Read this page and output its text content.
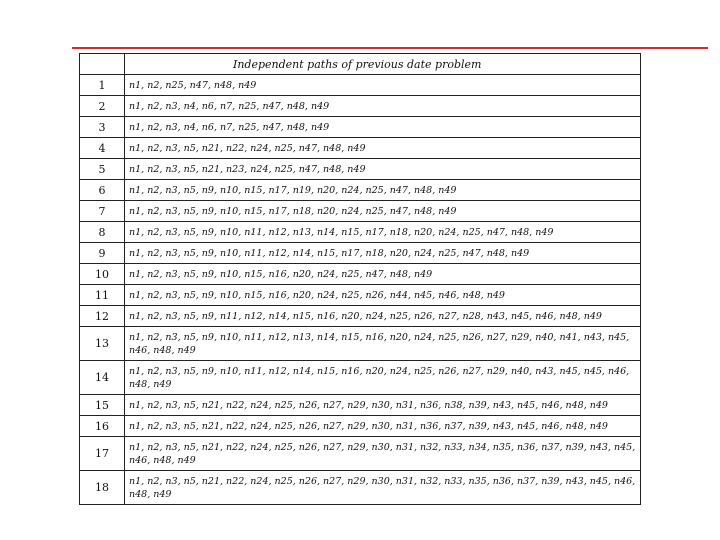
	Independent paths of previous date problem
1	n1, n2, n25, n47, n48, n49
2	n1, n2, n3, n4, n6, n7, n25, n47, n48, n49
3	n1, n2, n3, n4, n6, n7, n25, n47, n48, n49
4	n1, n2, n3, n5, n21, n22, n24, n25, n47, n48, n49
5	n1, n2, n3, n5, n21, n23, n24, n25, n47, n48, n49
6	n1, n2, n3, n5, n9, n10, n15, n17, n19, n20, n24, n25, n47, n48, n49
7	n1, n2, n3, n5, n9, n10, n15, n17, n18, n20, n24, n25, n47, n48, n49
8	n1, n2, n3, n5, n9, n10, n11, n12, n13, n14, n15, n17, n18, n20, n24, n25, n47, n48, n49
9	n1, n2, n3, n5, n9, n10, n11, n12, n14, n15, n17, n18, n20, n24, n25, n47, n48, n49
10	n1, n2, n3, n5, n9, n10, n15, n16, n20, n24, n25, n47, n48, n49
11	n1, n2, n3, n5, n9, n10, n15, n16, n20, n24, n25, n26, n44, n45, n46, n48, n49
12	n1, n2, n3, n5, n9, n11, n12, n14, n15, n16, n20, n24, n25, n26, n27, n28, n43, n45, n46, n48, n49
13	n1, n2, n3, n5, n9, n10, n11, n12, n13, n14, n15, n16, n20, n24, n25, n26, n27, n29, n40, n41, n43, n45, n46, n48, n49
14	n1, n2, n3, n5, n9, n10, n11, n12, n14, n15, n16, n20, n24, n25, n26, n27, n29, n40, n43, n45, n45, n46, n48, n49
15	n1, n2, n3, n5, n21, n22, n24, n25, n26, n27, n29, n30, n31, n36, n38, n39, n43, n45, n46, n48, n49
16	n1, n2, n3, n5, n21, n22, n24, n25, n26, n27, n29, n30, n31, n36, n37, n39, n43, n45, n46, n48, n49
17	n1, n2, n3, n5, n21, n22, n24, n25, n26, n27, n29, n30, n31, n32, n33, n34, n35, n36, n37, n39, n43, n45, n46, n48, n49
18	n1, n2, n3, n5, n21, n22, n24, n25, n26, n27, n29, n30, n31, n32, n33, n35, n36, n37, n39, n43, n45, n46, n48, n49
